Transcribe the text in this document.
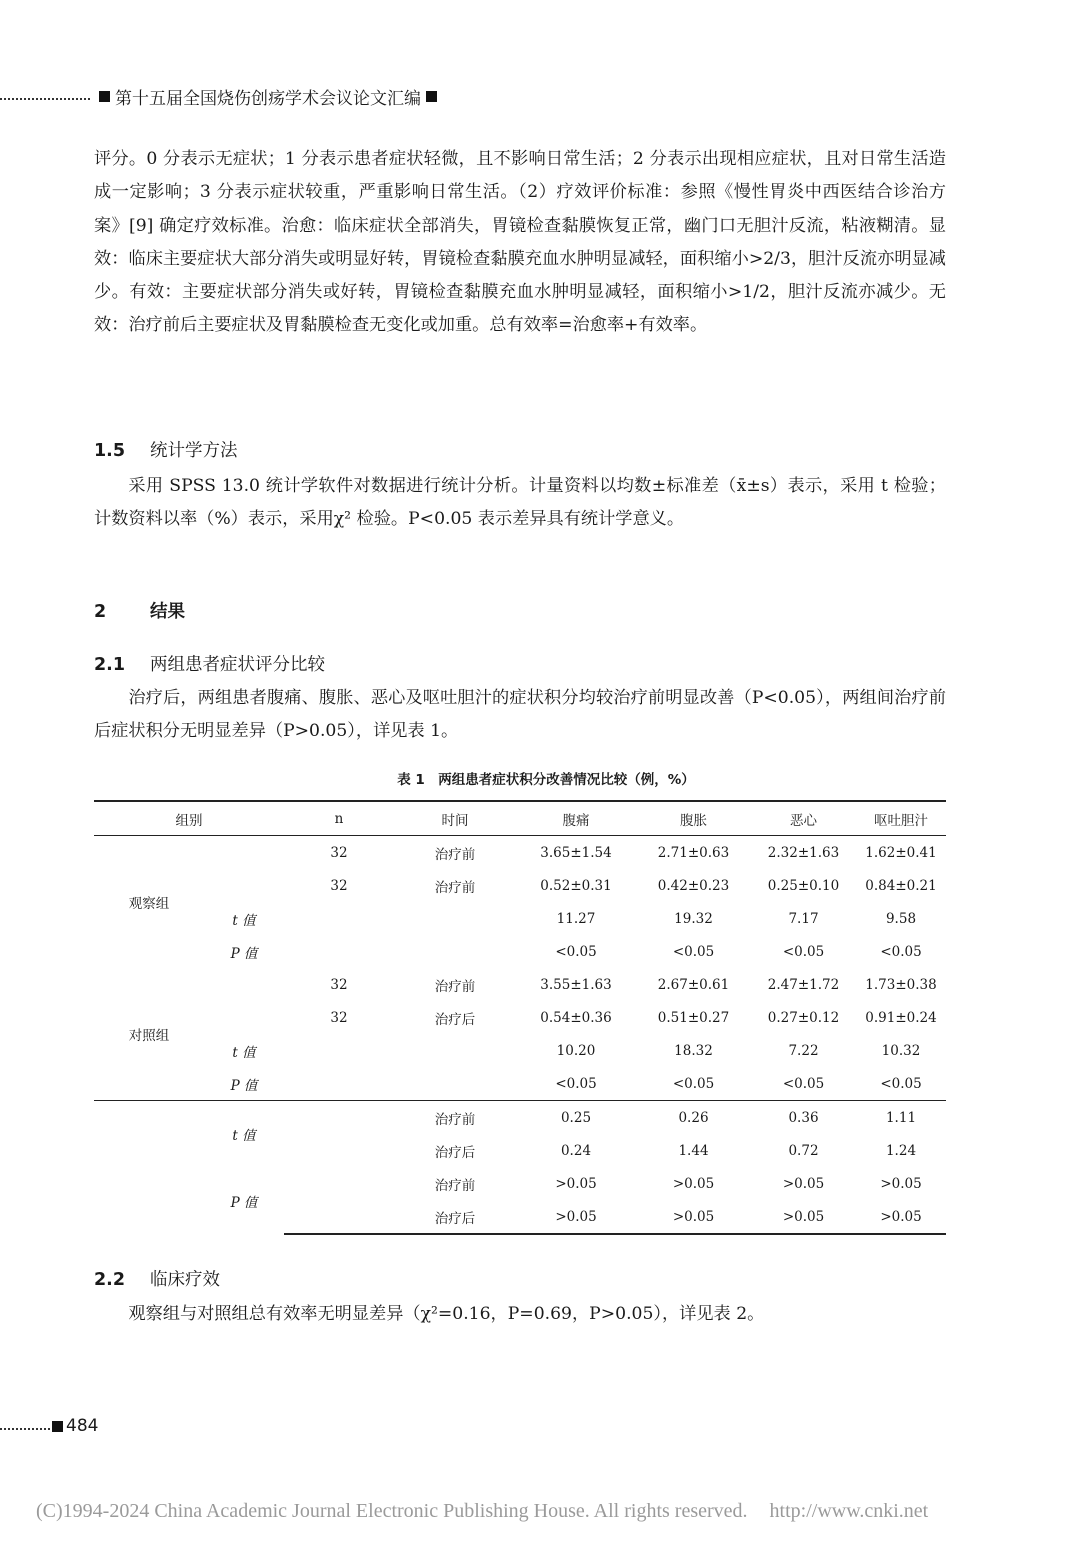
第十五届全国烧伤创疡学术会议论文汇编

评分。0 分表示无症状；1 分表示患者症状轻微，且不影响日常生活；2 分表示出现相应症状，且对日常生活造成一定影响；3 分表示症状较重，严重影响日常生活。（2）疗效评价标准：参照《慢性胃炎中西医结合诊治方案》[9] 确定疗效标准。治愈：临床症状全部消失，胃镜检查黏膜恢复正常，幽门口无胆汁反流，粘液糊清。显效：临床主要症状大部分消失或明显好转，胃镜检查黏膜充血水肿明显减轻，面积缩小>2/3，胆汁反流亦明显减少。有效：主要症状部分消失或好转，胃镜检查黏膜充血水肿明显减轻，面积缩小>1/2，胆汁反流亦减少。无效：治疗前后主要症状及胃黏膜检查无变化或加重。总有效率=治愈率+有效率。

1.5 统计学方法

采用 SPSS 13.0 统计学软件对数据进行统计分析。计量资料以均数±标准差（x̄±s）表示，采用 t 检验；计数资料以率（%）表示，采用χ² 检验。P<0.05 表示差异具有统计学意义。

2	结果
2.1 两组患者症状评分比较

治疗后，两组患者腹痛、腹胀、恶心及呕吐胆汁的症状积分均较治疗前明显改善（P<0.05），两组间治疗前后症状积分无明显差异（P>0.05），详见表 1。

表 1　两组患者症状积分改善情况比较（例，%）
组别		n	时间	腹痛	腹胀	恶心	呕吐胆汁
观察组		32	治疗前	3.65±1.54	2.71±0.63	2.32±1.63	1.62±0.41
		32	治疗前	0.52±0.31	0.42±0.23	0.25±0.10	0.84±0.21
	t 值			11.27	19.32	7.17	9.58
	P 值			<0.05	<0.05	<0.05	<0.05
对照组		32	治疗前	3.55±1.63	2.67±0.61	2.47±1.72	1.73±0.38
		32	治疗后	0.54±0.36	0.51±0.27	0.27±0.12	0.91±0.24
	t 值			10.20	18.32	7.22	10.32
	P 值			<0.05	<0.05	<0.05	<0.05
	t 值		治疗前	0.25	0.26	0.36	1.11
			治疗后	0.24	1.44	0.72	1.24
	P 值		治疗前	>0.05	>0.05	>0.05	>0.05
			治疗后	>0.05	>0.05	>0.05	>0.05
2.2 临床疗效

观察组与对照组总有效率无明显差异（χ²=0.16，P=0.69，P>0.05），详见表 2。

484
(C)1994-2024 China Academic Journal Electronic Publishing House. All rights reserved. http://www.cnki.net
